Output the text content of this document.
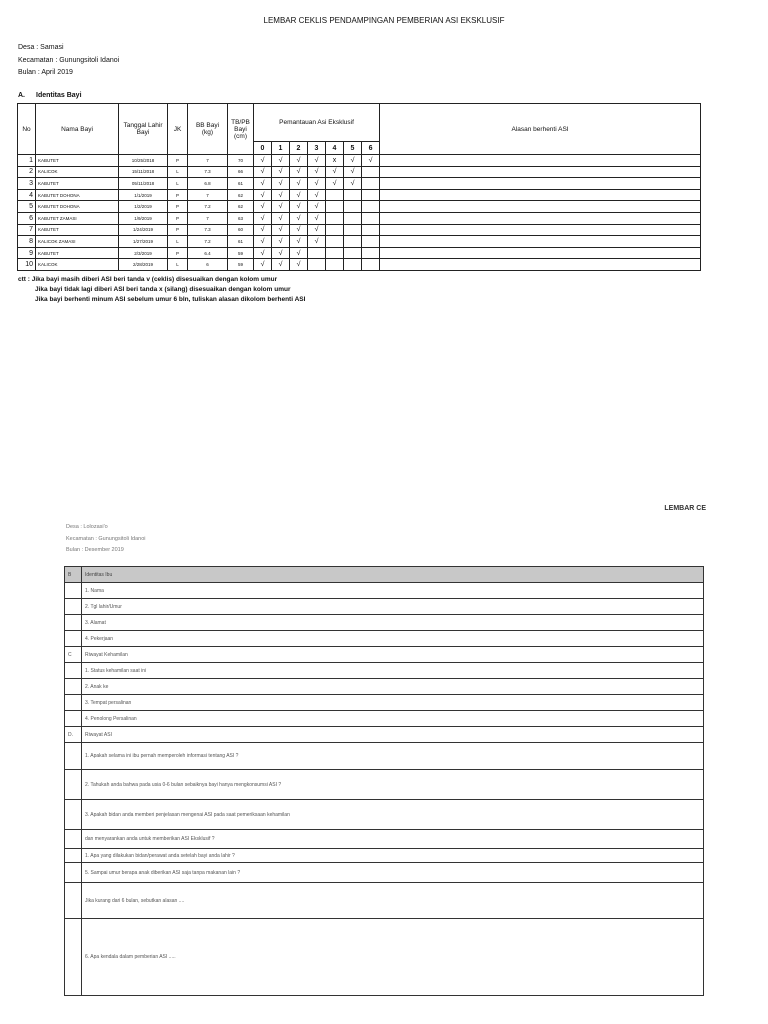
LEMBAR CEKLIS PENDAMPINGAN PEMBERIAN ASI EKSKLUSIF
Desa : Samasi
Kecamatan : Gunungsitoli Idanoi
Bulan : April 2019
A. Identitas Bayi
No	Nama Bayi	Tanggal Lahir Bayi	JK	BB Bayi (kg)	TB/PB Bayi (cm)	Pemantauan Asi Eksklusif							Alasan berhenti ASI
						0	1	2	3	4	5	6	
1	KABUTET	10/25/2018	P	7	70	√	√	√	√	x	√	√	
2	KALICOK	15/11/2018	L	7.3	66	√	√	√	√	√	√		
3	KABUTET	05/11/2018	L	6.8	61	√	√	√	√	√	√		
4	KABUTET DOHONA	1/1/2019	P	7	62	√	√	√	√				
5	KABUTET DOHONA	1/2/2019	P	7.2	62	√	√	√	√				
6	KABUTET ZAMASI	1/9/2019	P	7	63	√	√	√	√				
7	KABUTET	1/24/2019	P	7.3	60	√	√	√	√				
8	KALICOK ZAMASI	1/27/2019	L	7.2	61	√	√	√	√				
9	KABUTET	2/3/2019	P	6.4	59	√	√	√					
10	KALICOK	2/28/2019	L	6	59	√	√	√					
ctt : Jika bayi masih diberi ASI beri tanda v (ceklis) disesuaikan dengan kolom umur
Jika bayi tidak lagi diberi ASI beri tanda x (silang) disesuaikan dengan kolom umur
Jika bayi berhenti minum ASI sebelum umur 6 bln, tuliskan alasan dikolom berhenti ASI
LEMBAR CE
Desa : Lolozasi'o
Kecamatan : Gunungsitoli Idanoi
Bulan : Desember 2019
B	Identitas Ibu
	1. Nama
	2. Tgl lahir/Umur
	3. Alamat
	4. Pekerjaan
C	Riwayat Kehamilan
	1. Status kehamilan saat ini
	2. Anak ke
	3. Tempat persalinan
	4. Penolong Persalinan
D.	Riwayat ASI
	1. Apakah selama ini ibu pernah memperoleh informasi tentang ASI ?
	2. Tahukah anda bahwa pada usia 0-6 bulan sebaiknya bayi hanya mengkonsumsi ASI ?
	3. Apakah bidan anda memberi penjelasan mengenai ASI pada saat pemeriksaan kehamilan
	dan menyarankan anda untuk memberikan ASI Eksklusif ?
	1. Apa yang dilakukan bidan/perawat anda setelah bayi anda lahir ?
	5. Sampai umur berapa anak diberikan ASI saja tanpa makanan lain ?
	Jika kurang dari 6 bulan, sebutkan alasan ....
	6. Apa kendala dalam pemberian ASI .....
